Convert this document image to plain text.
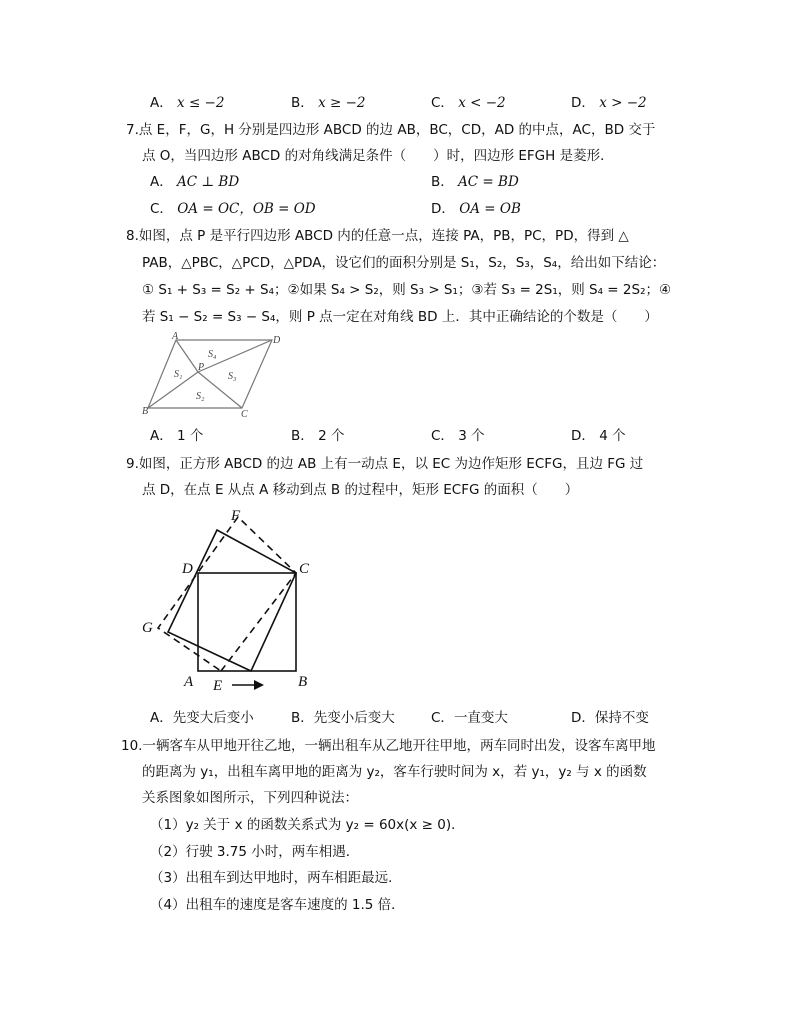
A． x ≤ −2	B． x ≥ −2	C． x < −2	D． x > −2
7.点 E，F，G，H 分别是四边形 ABCD 的边 AB，BC，CD，AD 的中点，AC，BD 交于
点 O，当四边形 ABCD 的对角线满足条件（　　）时，四边形 EFGH 是菱形．
A． AC ⊥ BD	B． AC = BD
C． OA = OC，OB = OD	D． OA = OB
8.如图，点 P 是平行四边形 ABCD 内的任意一点，连接 PA，PB，PC，PD，得到 △
PAB，△PBC，△PCD，△PDA，设它们的面积分别是 S₁，S₂，S₃，S₄，给出如下结论：
① S₁ + S₃ = S₂ + S₄；②如果 S₄ > S₂，则 S₃ > S₁；③若 S₃ = 2S₁，则 S₄ = 2S₂；④
若 S₁ − S₂ = S₃ − S₄，则 P 点一定在对角线 BD 上．其中正确结论的个数是（　　）
A	D
B	C
P
S₁
S₂
S₃
S₄
A． 1 个	B． 2 个	C． 3 个	D． 4 个
9.如图，正方形 ABCD 的边 AB 上有一动点 E，以 EC 为边作矩形 ECFG，且边 FG 过
点 D，在点 E 从点 A 移动到点 B 的过程中，矩形 ECFG 的面积（　　）
F
D	C
G
A E	B
A．先变大后变小	B．先变小后变大	C．一直变大	D．保持不变
10.一辆客车从甲地开往乙地，一辆出租车从乙地开往甲地，两车同时出发，设客车离甲地
的距离为 y₁，出租车离甲地的距离为 y₂，客车行驶时间为 x，若 y₁，y₂ 与 x 的函数
关系图象如图所示，下列四种说法：
（1）y₂ 关于 x 的函数关系式为 y₂ = 60x(x ≥ 0)．
（2）行驶 3.75 小时，两车相遇．
（3）出租车到达甲地时，两车相距最远．
（4）出租车的速度是客车速度的 1.5 倍．
